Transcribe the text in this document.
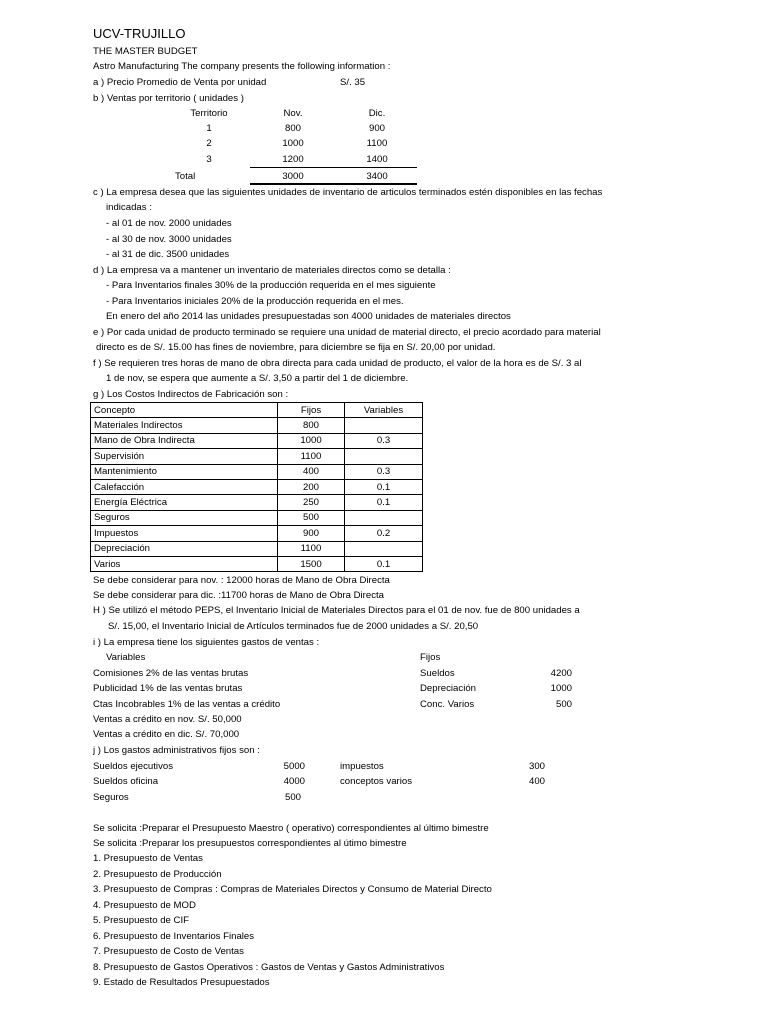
UCV-TRUJILLO
THE MASTER BUDGET
Astro Manufacturing The company presents the following information :
a ) Precio Promedio de Venta por unidad	S/. 35
b ) Ventas por territorio ( unidades )
Territorio	Nov.	Dic.
1	800	900
2	1000	1100
3	1200	1400
Total	3000	3400
c ) La empresa desea que las siguientes unidades de inventario de articulos terminados estén disponibles en las fechas
indicadas :
- al 01 de nov. 2000 unidades
- al 30 de nov. 3000 unidades
- al 31 de dic. 3500 unidades
d ) La empresa va a mantener un inventario de materiales directos como se detalla :
- Para Inventarios finales 30% de la producción requerida en el mes siguiente
- Para Inventarios iniciales 20% de la producción requerida en el mes.
En enero del año 2014 las unidades presupuestadas son 4000 unidades de materiales directos
e ) Por cada unidad de producto terminado se requiere una unidad de material directo, el precio acordado para material
directo es de S/. 15.00 has fines de noviembre, para diciembre se fija en S/. 20,00 por unidad.
f ) Se requieren tres horas de mano de obra directa para cada unidad de producto, el valor de la hora es de S/. 3 al
1 de nov, se espera que aumente a S/. 3,50 a partir del 1 de diciembre.
g ) Los Costos Indirectos de Fabricación son :
Concepto	Fijos	Variables
Materiales Indirectos	800	
Mano de Obra Indirecta	1000	0.3
Supervisión	1100	
Mantenimiento	400	0.3
Calefacción	200	0.1
Energía Eléctrica	250	0.1
Seguros	500	
Impuestos	900	0.2
Depreciación	1100	
Varios	1500	0.1
Se debe considerar para nov. : 12000 horas de Mano de Obra Directa
Se debe considerar para dic. :11700 horas de Mano de Obra Directa
H ) Se utilizó el método PEPS, el Inventario Inicial de Materiales Directos para el 01 de nov. fue de 800 unidades a
S/. 15,00, el Inventario Inicial de Artículos terminados fue de 2000 unidades a S/. 20,50
i ) La empresa tiene los siguientes gastos de ventas :
Variables	Fijos
Comisiones 2% de las ventas brutas
Publicidad 1% de las ventas brutas
Ctas Incobrables 1% de las ventas a crédito
Sueldos	4200
Depreciación	1000
Conc. Varios	500
Ventas a crédito en nov. S/. 50,000
Ventas a crédito en dic. S/. 70,000
j ) Los gastos administrativos fijos son :
Sueldos ejecutivos	5000
Sueldos oficina	4000
Seguros	500
impuestos	300
conceptos varios	400
Se solicita :Preparar el Presupuesto Maestro ( operativo) correspondientes al último bimestre
Se solicita :Preparar los presupuestos correspondientes al útimo bimestre
1. Presupuesto de Ventas
2. Presupuesto de Producción
3. Presupuesto de Compras : Compras de Materiales Directos y Consumo de Material Directo
4. Presupuesto de MOD
5. Presupuesto de CIF
6. Presupuesto de Inventarios Finales
7. Presupuesto de Costo de Ventas
8. Presupuesto de Gastos Operativos : Gastos de Ventas y Gastos Administrativos
9. Estado de Resultados Presupuestados
